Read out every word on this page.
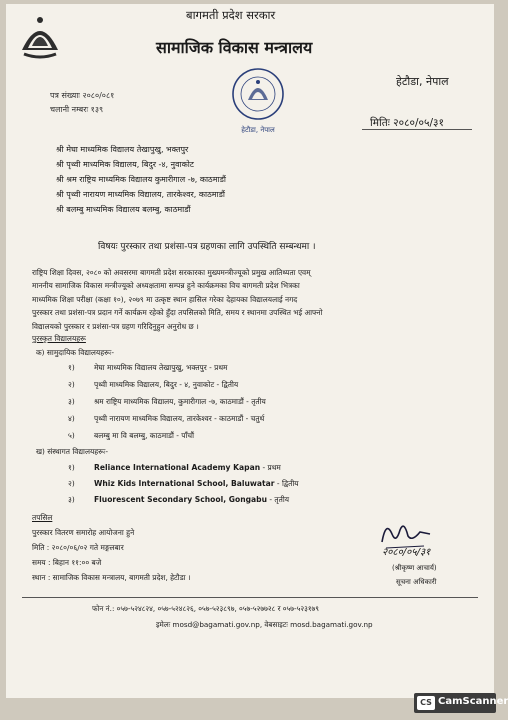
बागमती प्रदेश सरकार
सामाजिक विकास मन्त्रालय
हेटौडा, नेपाल
हेटौडा, नेपाल
पत्र संख्याः २०८०/०८१
चलानी नम्बरः १३९
मितिः २०८०/०५/३१
श्री मेघा माध्यमिक विद्यालय तेखापुखु, भक्तपुर
श्री पृथ्वी माध्यमिक विद्यालय, बिदुर -४, नुवाकोट
श्री श्रम राष्ट्रिय माध्यमिक विद्यालय कुमारीगाल -७, काठमाडौं
श्री पृथ्वी नारायण माध्यमिक विद्यालय, तारकेश्वर, काठमाडौं
श्री बलम्बु माध्यमिक विद्यालय बलम्बु, काठमाडौं
विषयः पुरस्कार तथा प्रशंसा-पत्र ग्रहणका लागि उपस्थिति सम्बन्धमा ।
राष्ट्रिय शिक्षा दिवस, २०८० को अवसरमा बागमती प्रदेश सरकारका मुख्यमन्त्रीज्यूको प्रमुख आतिथ्यता एवम्
माननीय सामाजिक विकास मन्त्रीज्यूको अध्यक्षतामा सम्पन्न हुने कार्यक्रमका विच बागमती प्रदेश भित्रका
माध्यमिक शिक्षा परीक्षा (कक्षा १०), २०७९ मा उत्कृष्ट स्थान हासिल गरेका देहायका विद्यालयलाई नगद
पुरस्कार तथा प्रशंसा-पत्र प्रदान गर्ने कार्यक्रम रहेको हुँदा तपसिलको मिति, समय र स्थानमा उपस्थित भई आफ्नो
विद्यालयको पुरस्कार र प्रशंसा-पत्र ग्रहण गरिदिनुहुन अनुरोध छ ।
पुरस्कृत विद्यालयहरू
क) सामुदायिक विद्यालयहरूः-
१)	मेघा माध्यमिक विद्यालय तेखापुखु, भक्तपुर - प्रथम
२)	पृथ्वी माध्यमिक विद्यालय, बिदुर - ४, नुवाकोट - द्वितीय
३)	श्रम राष्ट्रिय माध्यमिक विद्यालय, कुमारीगाल -७, काठमाडौं - तृतीय
४)	पृथ्वी नारायण माध्यमिक विद्यालय, तारकेश्वर - काठमाडौं - चतुर्थ
५)	बलम्बु मा वि बलम्बु, काठमाडौं - पाँचौं
ख) संस्थागत विद्यालयहरूः-
१)	Reliance International Academy Kapan - प्रथम
२)	Whiz Kids International School, Baluwatar - द्वितीय
३)	Fluorescent Secondary School, Gongabu - तृतीय
तपसिल
पुरस्कार वितरण समारोह आयोजना हुने
मिति : २०८०/०६/०२ गते मङ्गलबार
समय : बिहान ११:०० बजे
स्थान : सामाजिक विकास मन्त्रालय, बागमती प्रदेश, हेटौडा ।
२०८०/०५/३१
(श्रीकृष्ण आचार्य)
सूचना अधिकारी
फोन नं.: ०५७-५२४८२४, ०५७-५२४८२६, ०५७-५२३८९७, ०५७-५२७७२८ र ०५७-५२३१७९
इमेलः mosd@bagamati.gov.np, वेबसाइटः mosd.bagamati.gov.np
CS CamScanner
